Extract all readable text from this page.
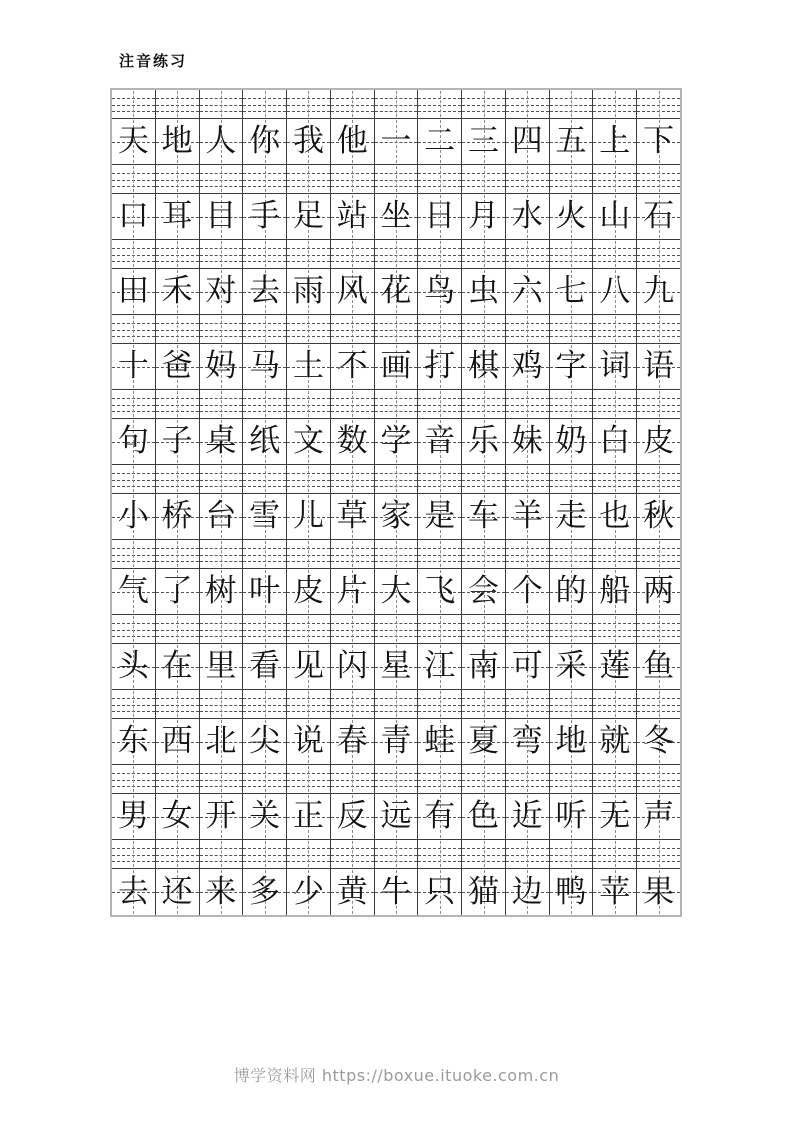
注音练习
天 地 人 你 我 他 一 二 三 四 五 上 下
口 耳 目 手 足 站 坐 日 月 水 火 山 石
田 禾 对 去 雨 风 花 鸟 虫 六 七 八 九
十 爸 妈 马 土 不 画 打 棋 鸡 字 词 语
句 子 桌 纸 文 数 学 音 乐 妹 奶 白 皮
小 桥 台 雪 儿 草 家 是 车 羊 走 也 秋
气 了 树 叶 皮 片 大 飞 会 个 的 船 两
头 在 里 看 见 闪 星 江 南 可 采 莲 鱼
东 西 北 尖 说 春 青 蛙 夏 弯 地 就 冬
男 女 开 关 正 反 远 有 色 近 听 无 声
去 还 来 多 少 黄 牛 只 猫 边 鸭 苹 果
博学资料网 https://boxue.ituoke.com.cn
